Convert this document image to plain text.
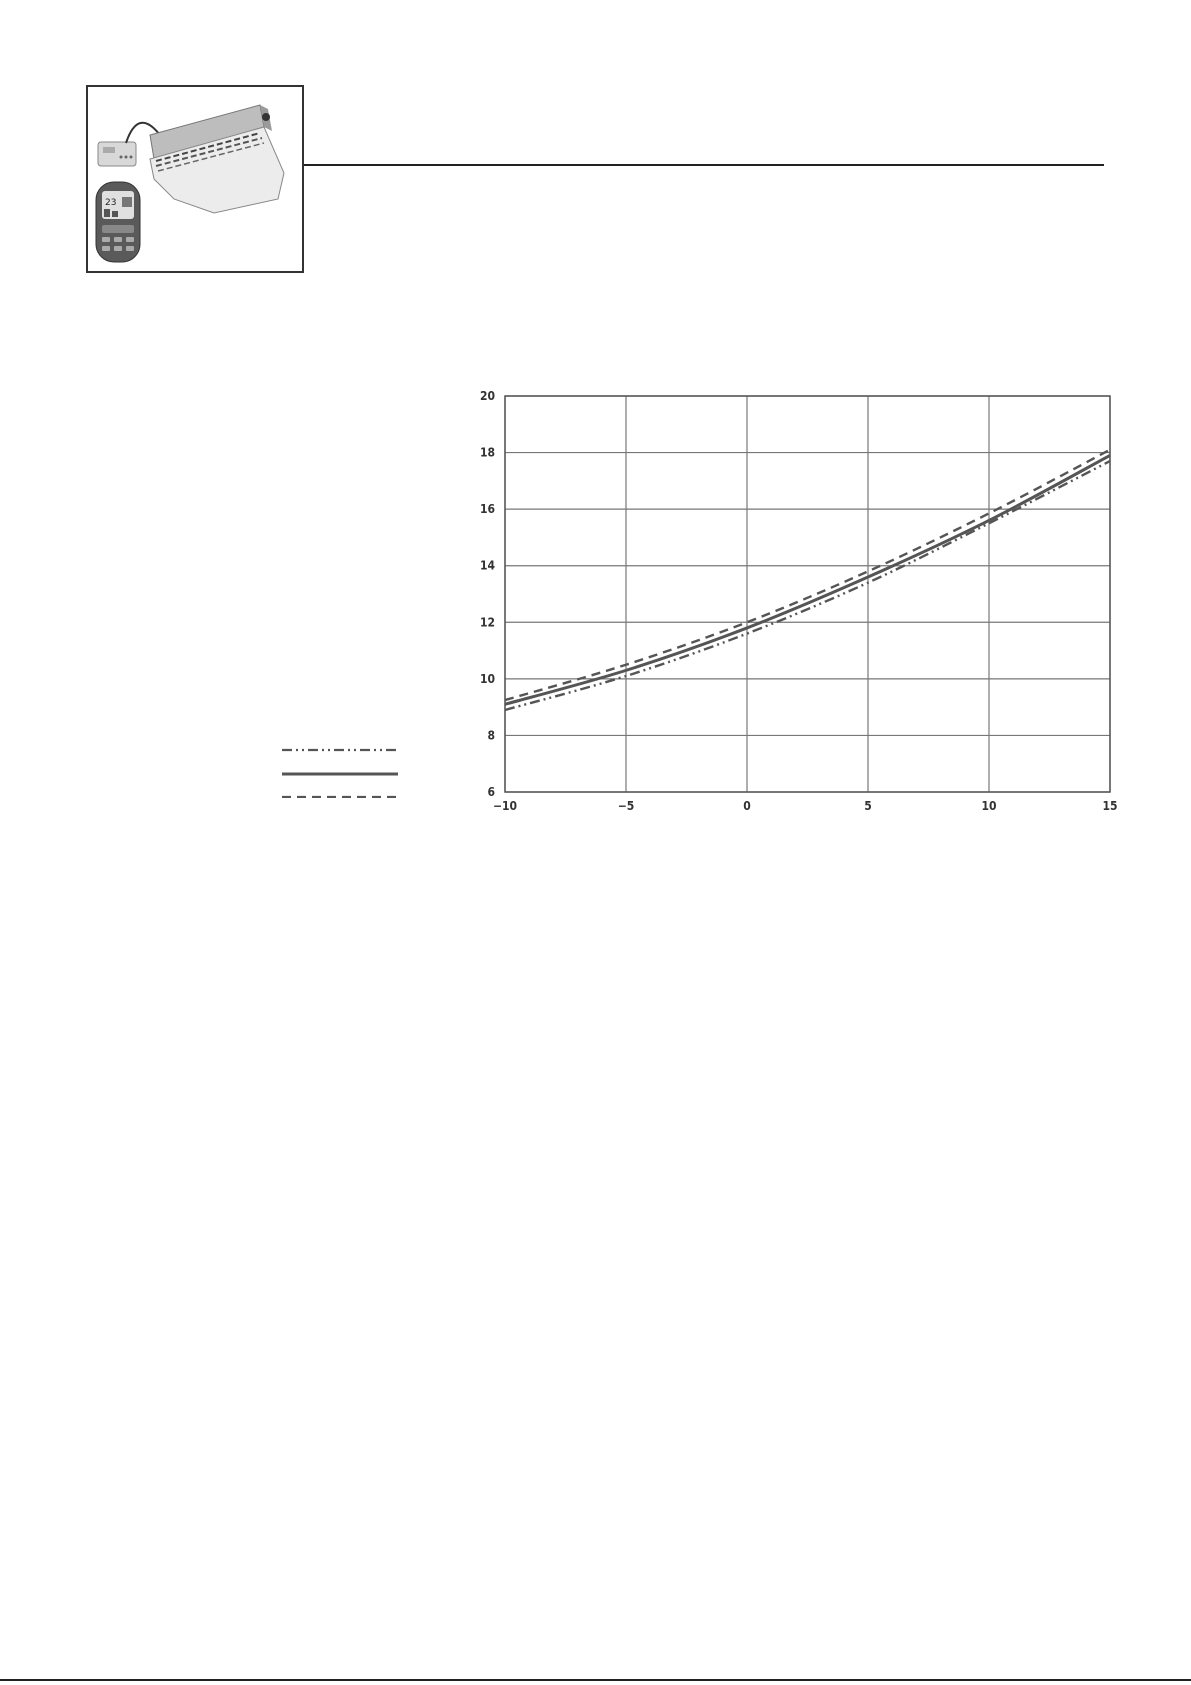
23
−10	−5	0	5	10	15
6
8
10
12
14
16
18
20
